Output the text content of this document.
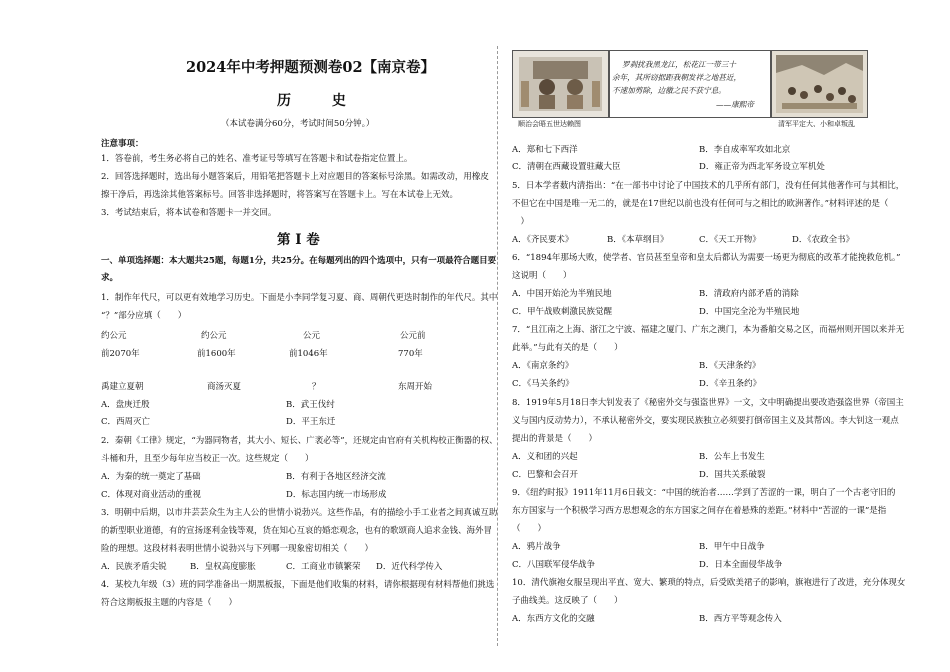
2024年中考押题预测卷02【南京卷】
历 史
（本试卷满分60分，考试时间50分钟。）
注意事项：
1．答卷前，考生务必将自己的姓名、准考证号等填写在答题卡和试卷指定位置上。
2．回答选择题时，选出每小题答案后，用铅笔把答题卡上对应题目的答案标号涂黑。如需改动，用橡皮
擦干净后，再选涂其他答案标号。回答非选择题时，将答案写在答题卡上。写在本试卷上无效。
3．考试结束后，将本试卷和答题卡一并交回。
第 I 卷
一、单项选择题：本大题共25题，每题1分，共25分。在每题列出的四个选项中，只有一项最符合题目要
求。
1．制作年代尺，可以更有效地学习历史。下面是小李同学复习夏、商、周朝代更迭时制作的年代尺。其中
“？”部分应填（　　）
约公元	约公元	公元	公元前
前2070年	前1600年	前1046年	770年
禹建立夏朝	商汤灭夏	？	东周开始
A．盘庚迁殷	B．武王伐纣
C．西周灭亡	D．平王东迁
2．秦朝《工律》规定，“为器同物者，其大小、短长、广袤必等”，还规定由官府有关机构校正衡器的权、
斗桶和升，且至少每年应当校正一次。这些规定（　　）
A．为秦的统一奠定了基础	B．有利于各地区经济交流
C．体现对商业活动的重视	D．标志国内统一市场形成
3．明朝中后期，以市井芸芸众生为主人公的世情小说勃兴。这些作品，有的描绘小手工业者之间真诚互助
的新型职业道德，有的宣扬逐利金钱等观，货在知心互哀的婚恋观念，也有的歌颂商人追求金钱、海外冒
险的理想。这段材料表明世情小说勃兴与下列哪一现象密切相关（　　）
A．民族矛盾尖锐	B．皇权高度膨胀	C．工商业市镇繁荣 D．近代科学传入
4．某校九年级（3）班的同学准备出一期黑板报，下面是他们收集的材料，请你根据现有材料帮他们挑选
符合这期板报主题的内容是（　　）
顺治会晤五世达赖图
罗刹扰我黑龙江，松花江一带三十
余年，其所窃据距我朝发祥之地甚近，
不速加剪除，边徼之民不获宁息。
——康熙帝
清军平定大、小和卓叛乱
A．郑和七下西洋	B．李自成率军攻如北京
C．清朝在西藏设置驻藏大臣	D．雍正帝为西北军务设立军机处
5．日本学者薮内清指出：“在一部书中讨论了中国技术的几乎所有部门，没有任何其他著作可与其相比，
不但它在中国是唯一无二的，就是在17世纪以前也没有任何可与之相比的欧洲著作。”材料评述的是（
　）
A．《齐民要术》	B．《本草纲目》	C．《天工开物》	D．《农政全书》
6．“1894年那场大败，使学者、官员甚至皇帝和皇太后都认为需要一场更为彻底的改革才能挽救危机。”
这说明（　　）
A．中国开始沦为半殖民地	B．清政府内部矛盾的消除
C．甲午战败刺激民族觉醒	D．中国完全沦为半殖民地
7．“且江南之上海、浙江之宁波、福建之厦门、广东之澳门，本为番舶交易之区，而福州则开国以来并无
此举。”与此有关的是（　　）
A．《南京条约》	B．《天津条约》
C．《马关条约》	D．《辛丑条约》
8．1919年5月18日李大钊发表了《秘密外交与强盗世界》一文，文中明确提出要改造强盗世界（帝国主
义与国内反动势力），不承认秘密外交，要实现民族独立必须要打倒帝国主义及其帮凶。李大钊这一观点
提出的背景是（　　）
A．义和团的兴起	B．公车上书发生
C．巴黎和会召开	D．国共关系破裂
9．《纽约时报》1911年11月6日载文：“中国的统治者……学到了苦涩的一课，明白了一个古老守旧的
东方国家与一个积极学习西方思想观念的东方国家之间存在着悬殊的差距。”材料中“苦涩的一课”是指
（　　）
A．鸦片战争	B．甲午中日战争
C．八国联军侵华战争	D．日本全面侵华战争
10．清代旗袍女服呈现出平直、宽大、繁琐的特点，后受欧美裙子的影响，旗袍进行了改进，充分体现女
子曲线美。这反映了（　　）
A．东西方文化的交融	B．西方平等观念传入
